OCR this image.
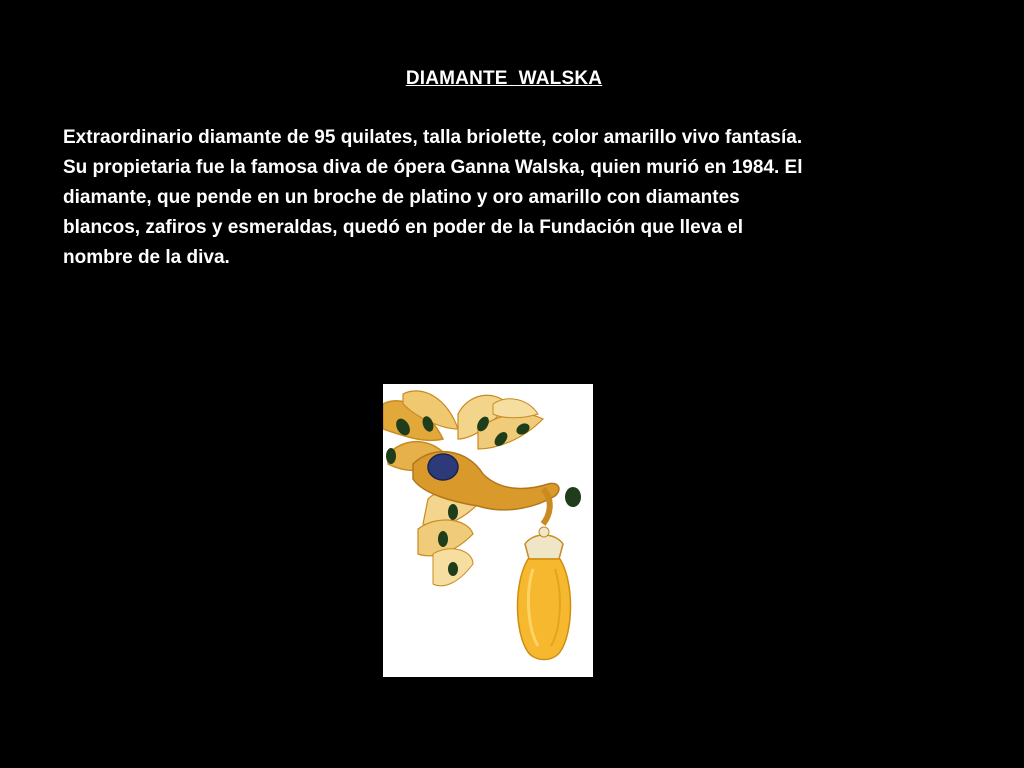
DIAMANTE  WALSKA
Extraordinario diamante de 95 quilates, talla briolette, color amarillo vivo fantasía.
Su propietaria fue la famosa diva de ópera Ganna Walska, quien murió en 1984. El
diamante, que pende en un broche de platino y oro amarillo con diamantes
blancos, zafiros y esmeraldas, quedó en poder de la Fundación que lleva el
nombre de la diva.
